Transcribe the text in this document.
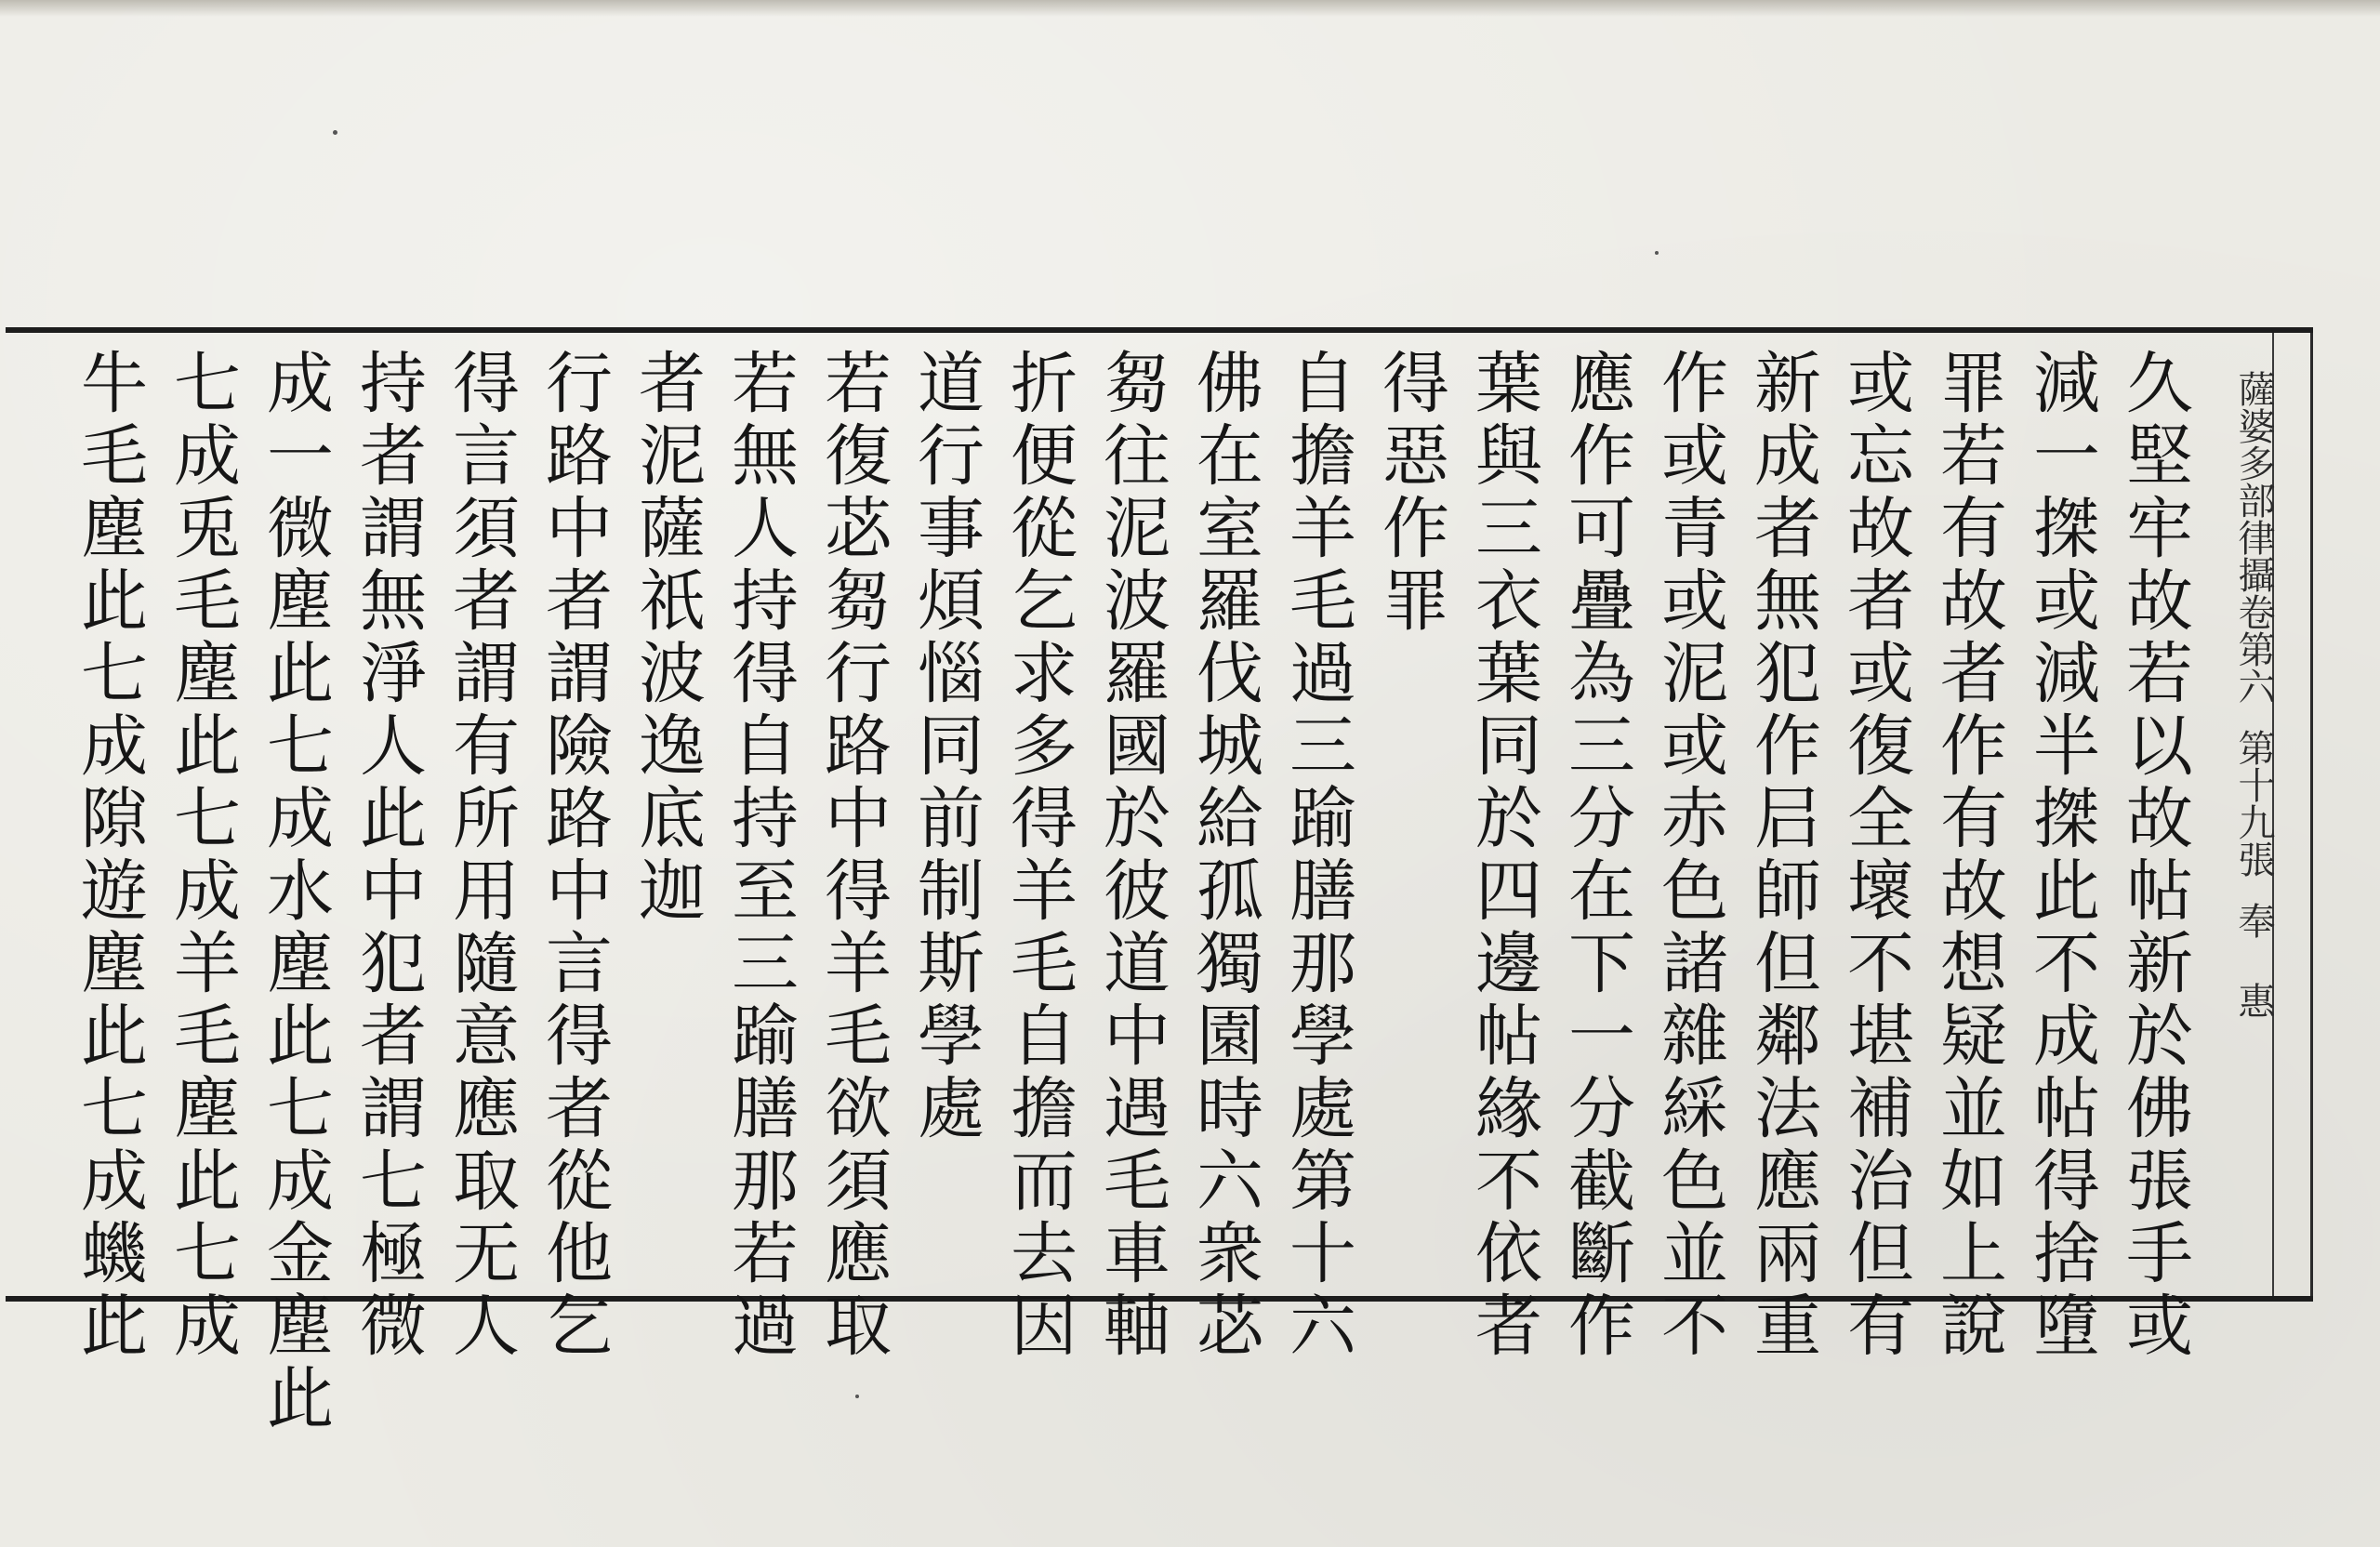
薩婆多部律攝卷第六第十九張奉 惠
久堅牢故若以故帖新於佛張手或
減一搩或減半搩此不成帖得捨墮
罪若有故者作有故想疑並如上說
或忘故者或復全壞不堪補治但有
新成者無犯作𡰪師但鄰法應兩重
作或青或泥或赤色諸雜綵色並不
應作可疊為三分在下一分截斷作
葉與三衣葉同於四邊帖緣不依者
得惡作罪
自擔羊毛過三踰膳那學處第十六
佛在室羅伐城給孤獨園時六衆苾
芻往泥波羅國於彼道中遇毛車軸
折便從乞求多得羊毛自擔而去因
道行事煩惱同前制斯學處
若復苾芻行路中得羊毛欲須應取
若無人持得自持至三踰膳那若過
者泥薩祇波逸底迦
行路中者謂險路中言得者從他乞
得言須者謂有所用隨意應取无人
持者謂無淨人此中犯者謂七極微
成一微塵此七成水塵此七成金塵此
七成兎毛塵此七成羊毛塵此七成
牛毛塵此七成隙遊塵此七成蟣此
